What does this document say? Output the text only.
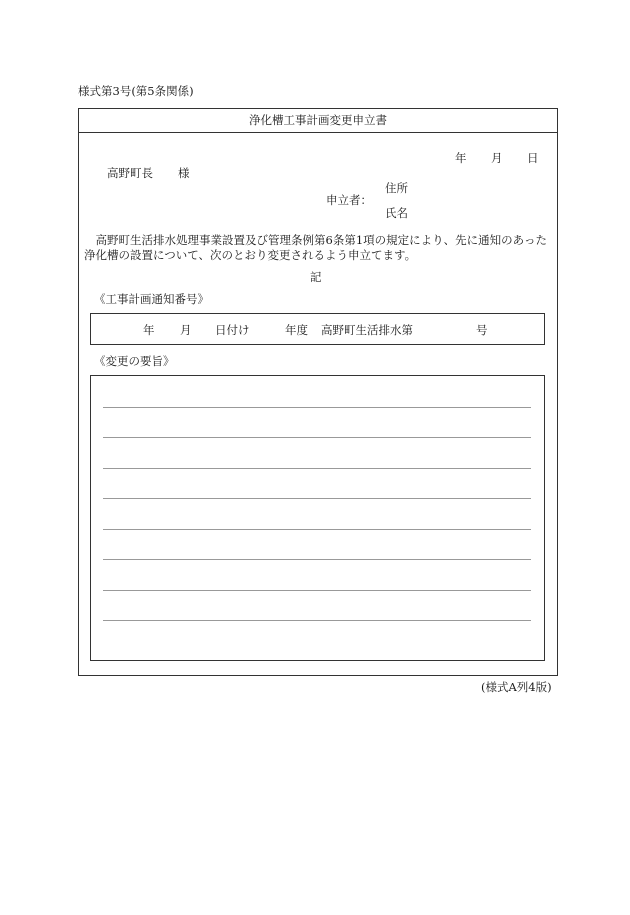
様式第3号(第5条関係)
浄化槽工事計画変更申立書
年 月 日
高野町長 様
住所
申立者：
氏名
 高野町生活排水処理事業設置及び管理条例第6条第1項の規定により、先に通知のあった浄化槽の設置について、次のとおり変更されるよう申立てます。
記
《工事計画通知番号》
年 月 日付け	年度 高野町生活排水第	号
《変更の要旨》
(様式A列4版)
